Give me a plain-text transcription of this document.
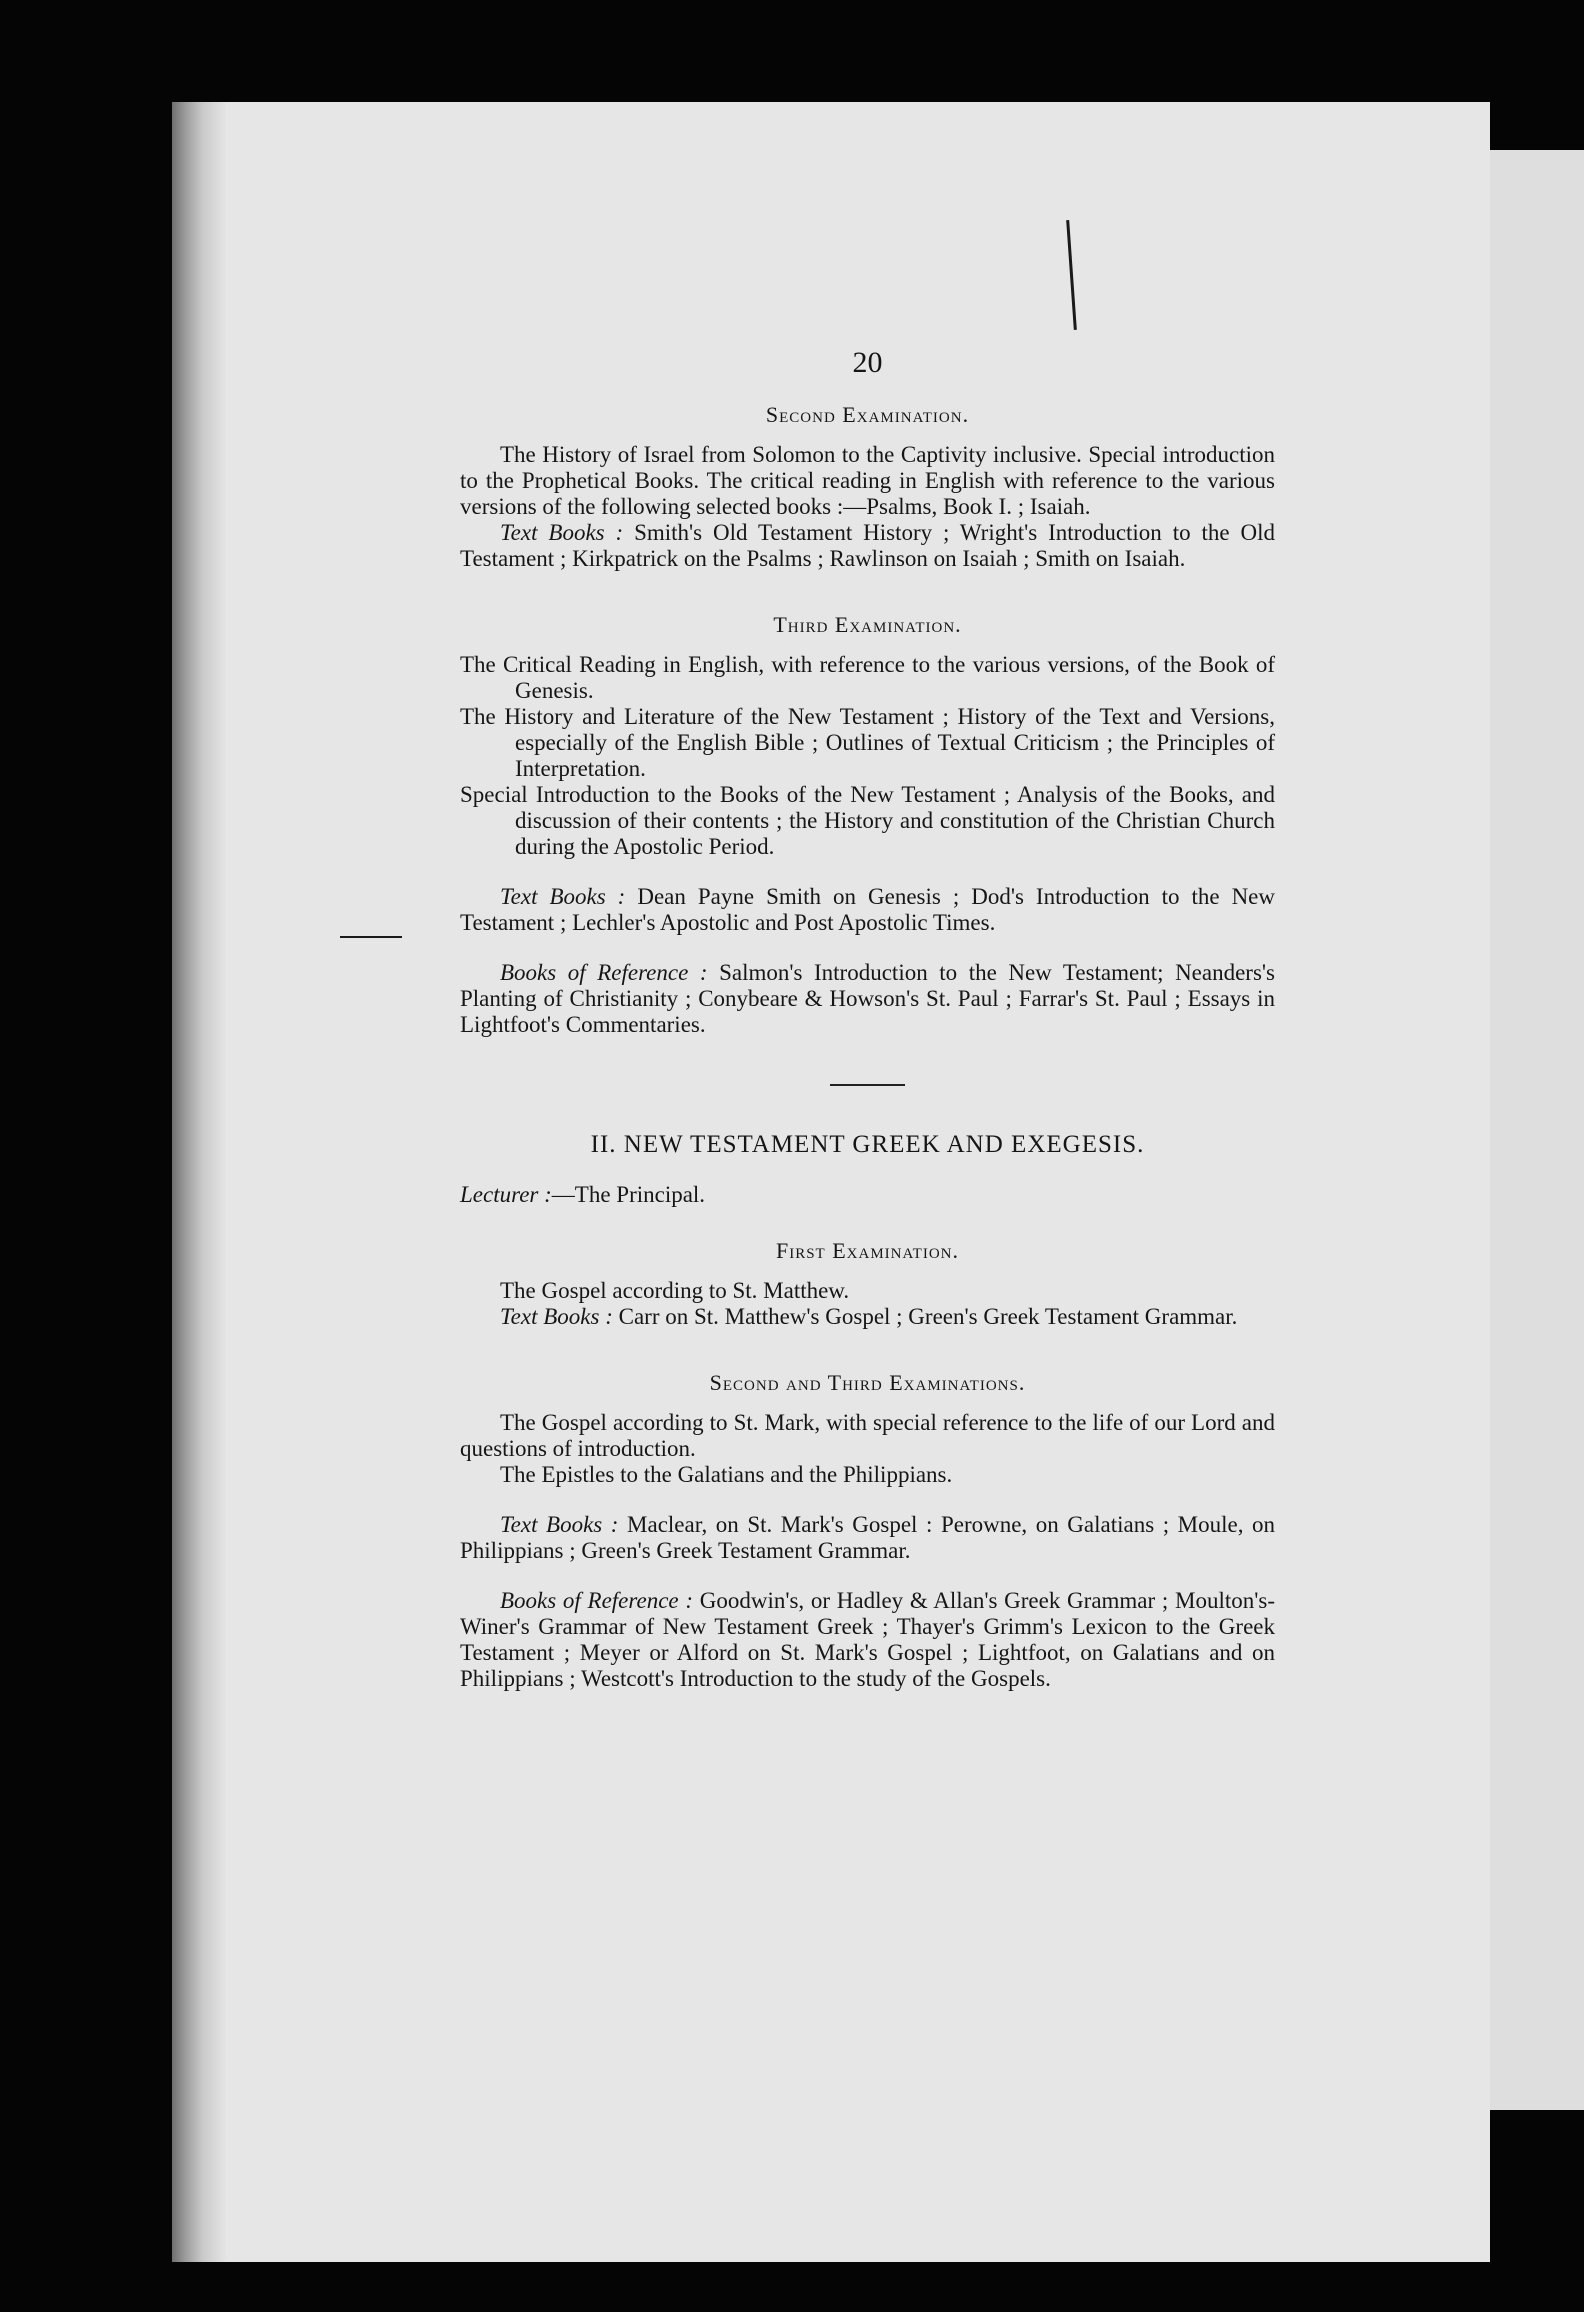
20
Second Examination.

The History of Israel from Solomon to the Captivity inclusive. Special introduction to the Prophetical Books. The critical reading in English with reference to the various versions of the following selected books :—Psalms, Book I. ; Isaiah.

Text Books : Smith's Old Testament History ; Wright's Introduction to the Old Testament ; Kirkpatrick on the Psalms ; Rawlinson on Isaiah ; Smith on Isaiah.

Third Examination.

The Critical Reading in English, with reference to the various versions, of the Book of Genesis.

The History and Literature of the New Testament ; History of the Text and Versions, especially of the English Bible ; Outlines of Textual Criticism ; the Principles of Interpretation.

Special Introduction to the Books of the New Testament ; Analysis of the Books, and discussion of their contents ; the History and constitution of the Christian Church during the Apostolic Period.

Text Books : Dean Payne Smith on Genesis ; Dod's Introduction to the New Testament ; Lechler's Apostolic and Post Apostolic Times.

Books of Reference : Salmon's Introduction to the New Testament; Neanders's Planting of Christianity ; Conybeare & Howson's St. Paul ; Farrar's St. Paul ; Essays in Lightfoot's Commentaries.

II. NEW TESTAMENT GREEK AND EXEGESIS.

Lecturer :—The Principal.

First Examination.

The Gospel according to St. Matthew.

Text Books : Carr on St. Matthew's Gospel ; Green's Greek Testament Grammar.

Second and Third Examinations.

The Gospel according to St. Mark, with special reference to the life of our Lord and questions of introduction.

The Epistles to the Galatians and the Philippians.

Text Books : Maclear, on St. Mark's Gospel : Perowne, on Galatians ; Moule, on Philippians ; Green's Greek Testament Grammar.

Books of Reference : Goodwin's, or Hadley & Allan's Greek Grammar ; Moulton's-Winer's Grammar of New Testament Greek ; Thayer's Grimm's Lexicon to the Greek Testament ; Meyer or Alford on St. Mark's Gospel ; Lightfoot, on Galatians and on Philippians ; Westcott's Introduction to the study of the Gospels.
